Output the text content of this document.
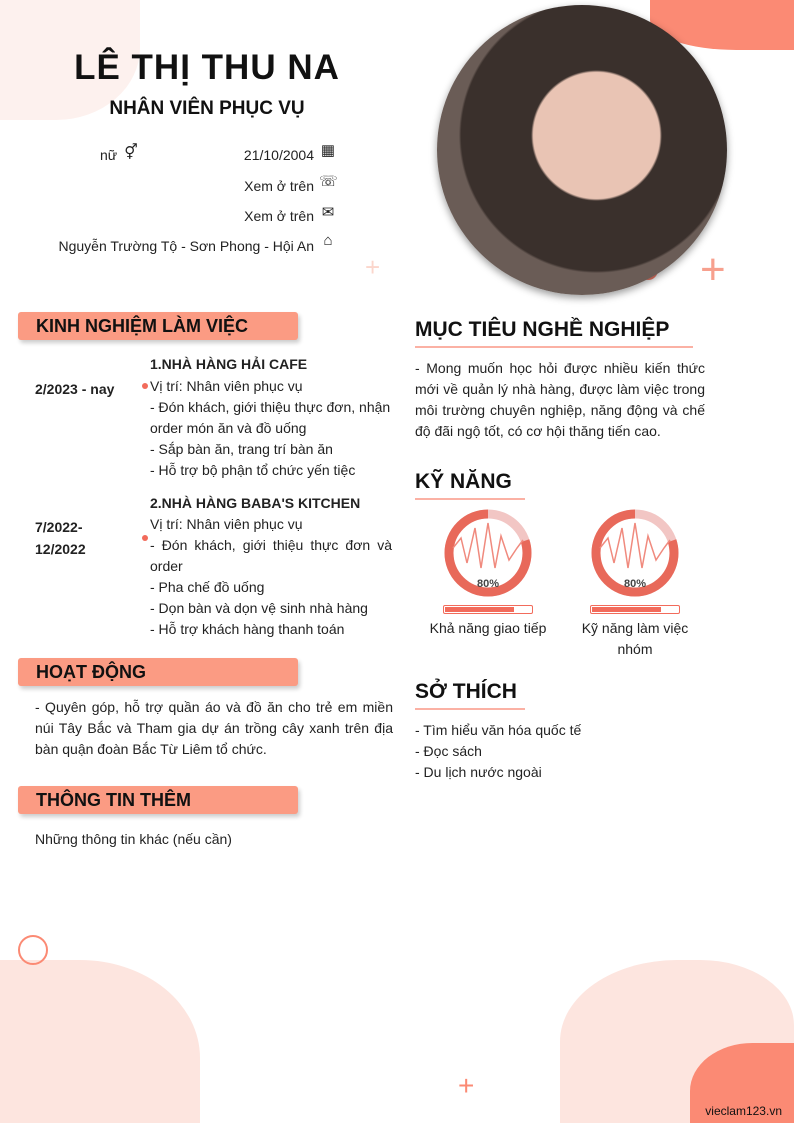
+
+
+
LÊ THỊ THU NA
NHÂN VIÊN PHỤC VỤ
nữ ⚥	21/10/2004 ▦
Xem ở trên ☏
Xem ở trên ✉
Nguyễn Trường Tộ - Sơn Phong - Hội An ⌂
KINH NGHIỆM LÀM VIỆC
1.NHÀ HÀNG HẢI CAFE
2/2023 - nay	Vị trí: Nhân viên phục vụ
- Đón khách, giới thiệu thực đơn, nhận order món ăn và đồ uống
- Sắp bàn ăn, trang trí bàn ăn
- Hỗ trợ bộ phận tổ chức yến tiệc
2.NHÀ HÀNG BABA'S KITCHEN
7/2022- 12/2022
Vị trí: Nhân viên phục vụ
- Đón khách, giới thiệu thực đơn và order
- Pha chế đồ uống
- Dọn bàn và dọn vệ sinh nhà hàng
- Hỗ trợ khách hàng thanh toán
HOẠT ĐỘNG
- Quyên góp, hỗ trợ quần áo và đồ ăn cho trẻ em miền núi Tây Bắc và Tham gia dự án trồng cây xanh trên địa bàn quận đoàn Bắc Từ Liêm tổ chức.
THÔNG TIN THÊM
Những thông tin khác (nếu cần)
MỤC TIÊU NGHỀ NGHIỆP
- Mong muốn học hỏi được nhiều kiến thức mới về quản lý nhà hàng, được làm việc trong môi trường chuyên nghiệp, năng động và chế độ đãi ngộ tốt, có cơ hội thăng tiến cao.
KỸ NĂNG
80%
Khả năng giao tiếp
80%
Kỹ năng làm việc nhóm
SỞ THÍCH
- Tìm hiểu văn hóa quốc tế
- Đọc sách
- Du lịch nước ngoài
vieclam123.vn
